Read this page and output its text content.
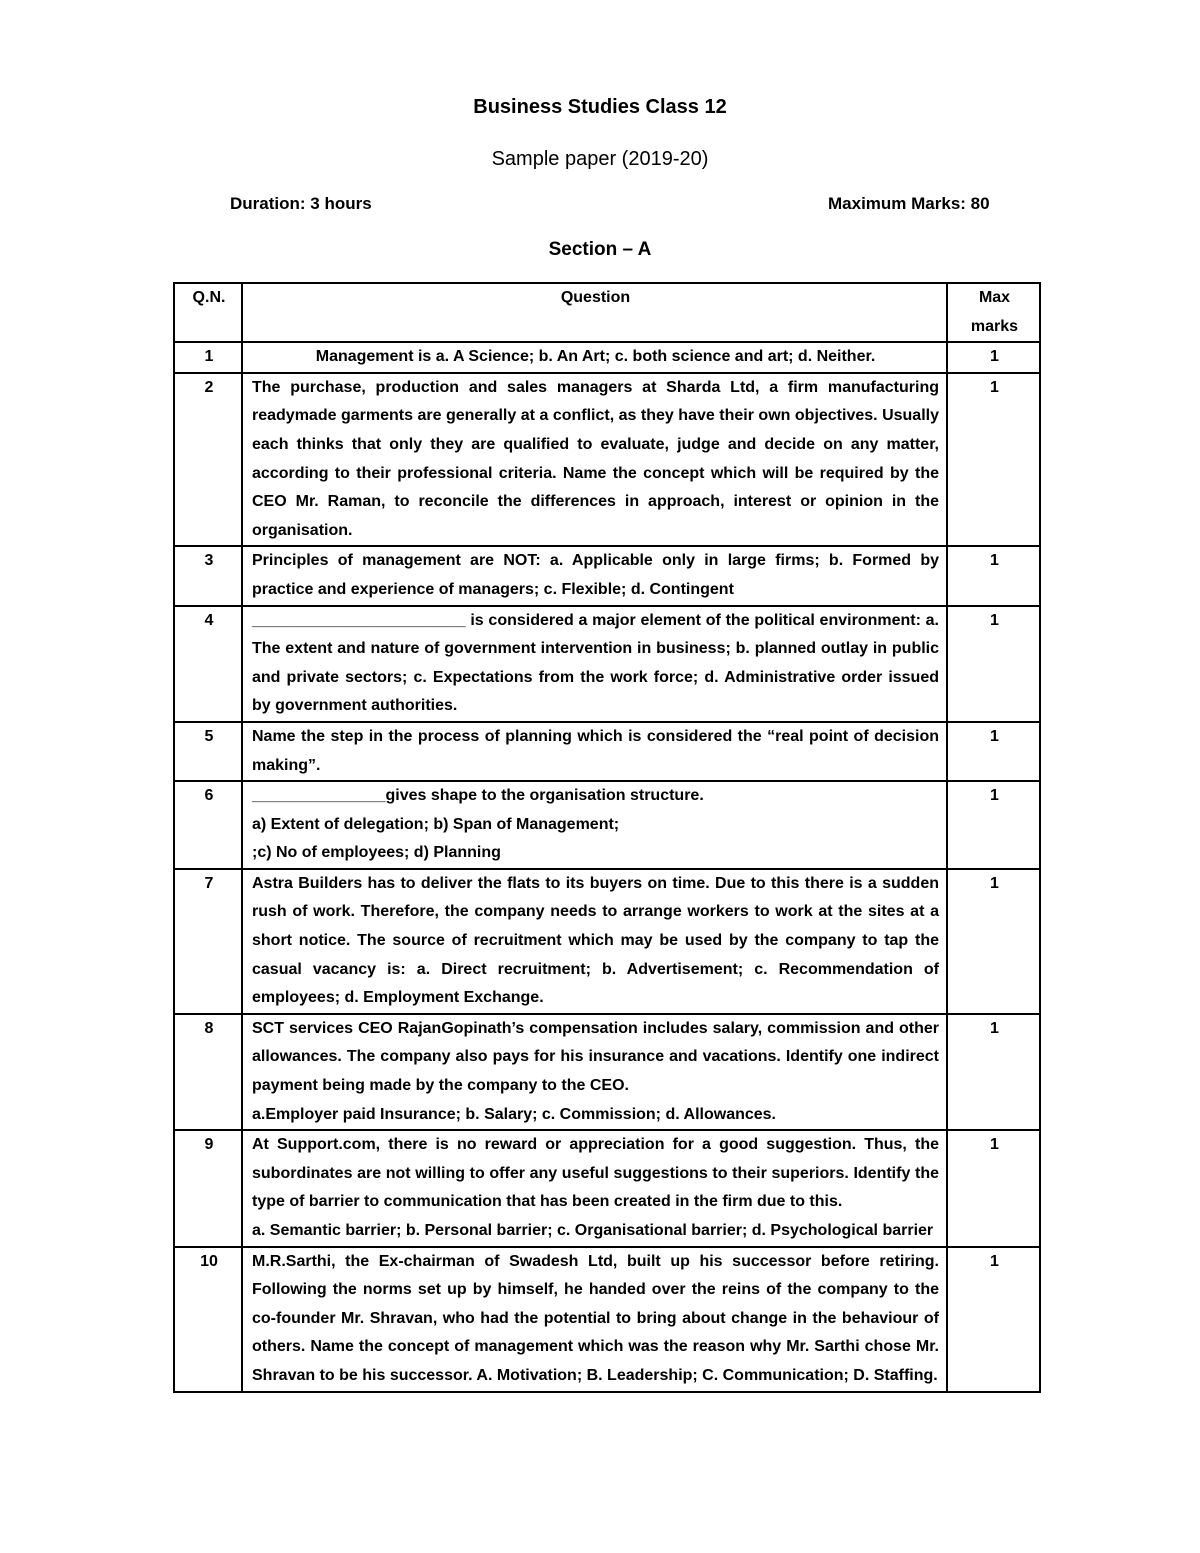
Business Studies Class 12
Sample paper (2019-20)
Duration: 3 hours	Maximum Marks: 80
Section – A
Q.N.	Question	Max
marks

1	Management is a. A Science; b. An Art; c. both science and art; d. Neither.	1
2	The purchase, production and sales managers at Sharda Ltd, a firm manufacturing readymade garments are generally at a conflict, as they have their own objectives. Usually each thinks that only they are qualified to evaluate, judge and decide on any matter, according to their professional criteria. Name the concept which will be required by the CEO Mr. Raman, to reconcile the differences in approach, interest or opinion in the organisation.	1
3	Principles of management are NOT: a. Applicable only in large firms; b. Formed by practice and experience of managers; c. Flexible; d. Contingent	1
4	________________________ is considered a major element of the political environment: a. The extent and nature of government intervention in business; b. planned outlay in public and private sectors; c. Expectations from the work force; d. Administrative order issued by government authorities.	1
5	Name the step in the process of planning which is considered the “real point of decision making”.	1
6	_______________gives shape to the organisation structure.
a) Extent of delegation; b) Span of Management;
;c) No of employees; d) Planning	1
7	Astra Builders has to deliver the flats to its buyers on time. Due to this there is a sudden rush of work. Therefore, the company needs to arrange workers to work at the sites at a short notice. The source of recruitment which may be used by the company to tap the casual vacancy is: a. Direct recruitment; b. Advertisement; c. Recommendation of employees; d. Employment Exchange.	1
8	SCT services CEO RajanGopinath’s compensation includes salary, commission and other allowances. The company also pays for his insurance and vacations. Identify one indirect payment being made by the company to the CEO.
a.Employer paid Insurance; b. Salary; c. Commission; d. Allowances.	1
9	At Support.com, there is no reward or appreciation for a good suggestion. Thus, the subordinates are not willing to offer any useful suggestions to their superiors. Identify the type of barrier to communication that has been created in the firm due to this.
a. Semantic barrier; b. Personal barrier; c. Organisational barrier; d. Psychological barrier	1
10	M.R.Sarthi, the Ex-chairman of Swadesh Ltd, built up his successor before retiring. Following the norms set up by himself, he handed over the reins of the company to the co-founder Mr. Shravan, who had the potential to bring about change in the behaviour of others. Name the concept of management which was the reason why Mr. Sarthi chose Mr. Shravan to be his successor. A. Motivation; B. Leadership; C. Communication; D. Staffing.	1
